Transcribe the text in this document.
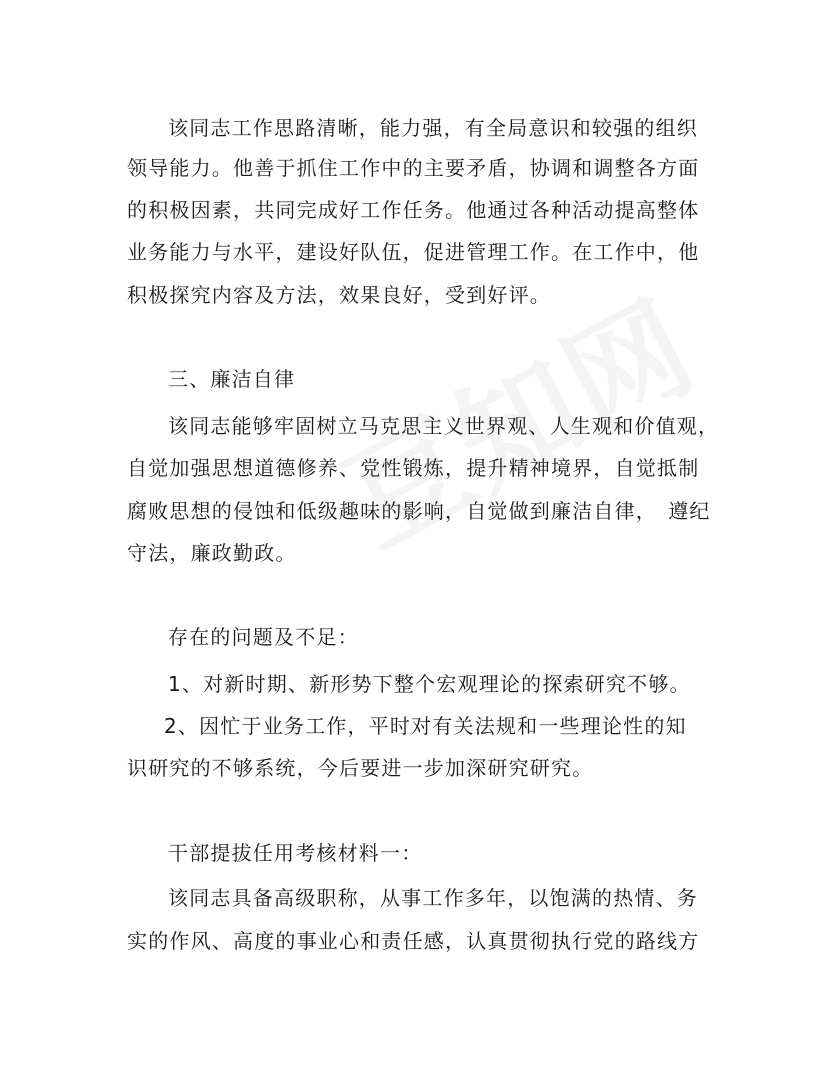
该同志工作思路清晰，能力强，有全局意识和较强的组织
领导能力。他善于抓住工作中的主要矛盾，协调和调整各方面
的积极因素，共同完成好工作任务。他通过各种活动提高整体
业务能力与水平，建设好队伍，促进管理工作。在工作中，他
积极探究内容及方法，效果良好，受到好评。
三、廉洁自律
该同志能够牢固树立马克思主义世界观、人生观和价值观，
自觉加强思想道德修养、党性锻炼，提升精神境界，自觉抵制
腐败思想的侵蚀和低级趣味的影响，自觉做到廉洁自律，　遵纪
守法，廉政勤政。
存在的问题及不足：
1、对新时期、新形势下整个宏观理论的探索研究不够。
2、因忙于业务工作，平时对有关法规和一些理论性的知
识研究的不够系统，今后要进一步加深研究研究。
干部提拔任用考核材料一：
该同志具备高级职称，从事工作多年，以饱满的热情、务
实的作风、高度的事业心和责任感，认真贯彻执行党的路线方
